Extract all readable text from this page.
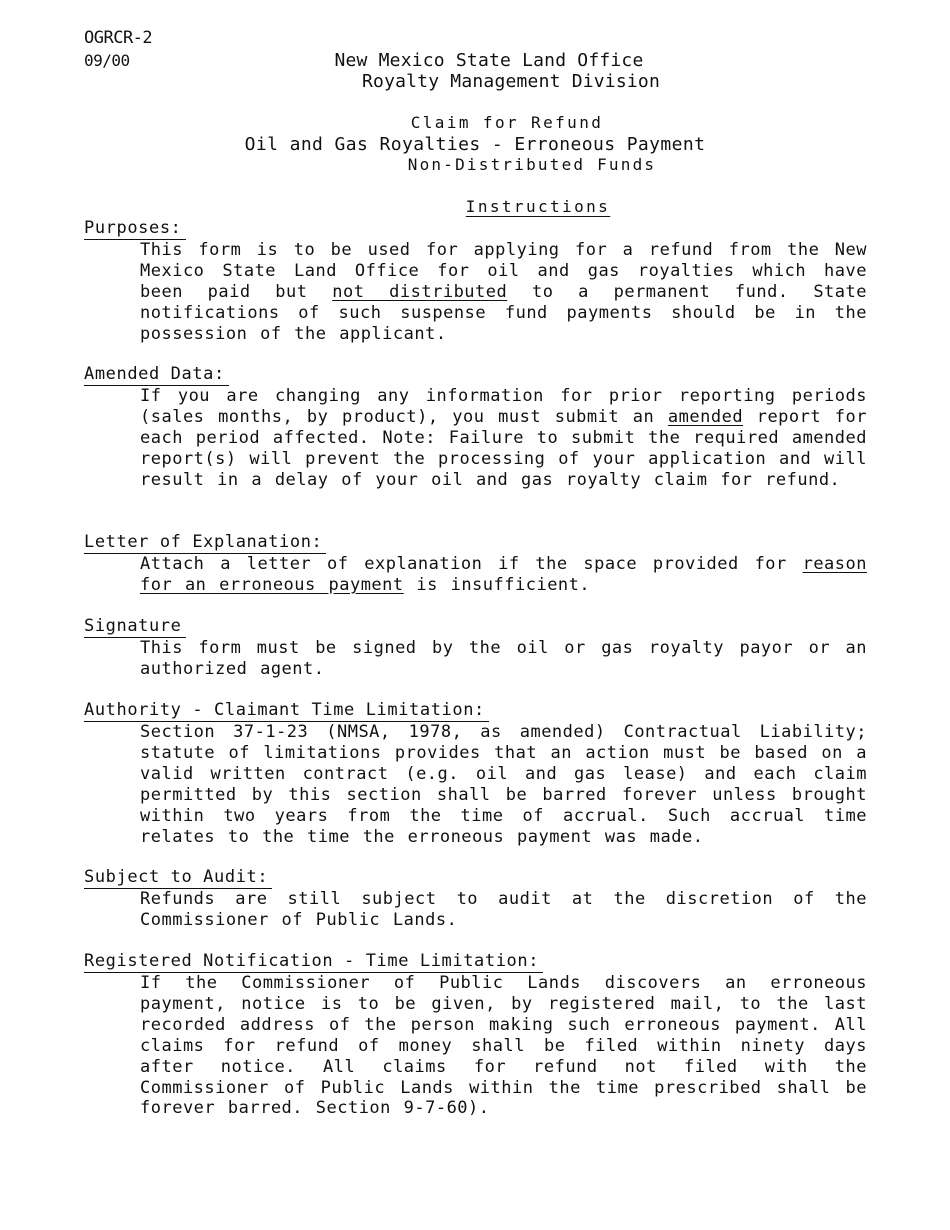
OGRCR-2
09/00	New Mexico State Land Office
Royalty Management Division
Claim for Refund
Oil and Gas Royalties - Erroneous Payment
Non-Distributed Funds
Instructions
Purposes:
This form is to be used for applying for a refund from the New Mexico State Land Office for oil and gas royalties which have been paid but not distributed to a permanent fund. State notifications of such suspense fund payments should be in the possession of the applicant.
Amended Data:
If you are changing any information for prior reporting periods (sales months, by product), you must submit an amended report for each period affected. Note: Failure to submit the required amended report(s) will prevent the processing of your application and will result in a delay of your oil and gas royalty claim for refund.
Letter of Explanation:
Attach a letter of explanation if the space provided for reason for an erroneous payment is insufficient.
Signature
This form must be signed by the oil or gas royalty payor or an authorized agent.
Authority - Claimant Time Limitation:
Section 37-1-23 (NMSA, 1978, as amended) Contractual Liability; statute of limitations provides that an action must be based on a valid written contract (e.g. oil and gas lease) and each claim permitted by this section shall be barred forever unless brought within two years from the time of accrual. Such accrual time relates to the time the erroneous payment was made.
Subject to Audit:
Refunds are still subject to audit at the discretion of the Commissioner of Public Lands.
Registered Notification - Time Limitation:
If the Commissioner of Public Lands discovers an erroneous payment, notice is to be given, by registered mail, to the last recorded address of the person making such erroneous payment. All claims for refund of money shall be filed within ninety days after notice. All claims for refund not filed with the Commissioner of Public Lands within the time prescribed shall be forever barred. Section 9-7-60).
